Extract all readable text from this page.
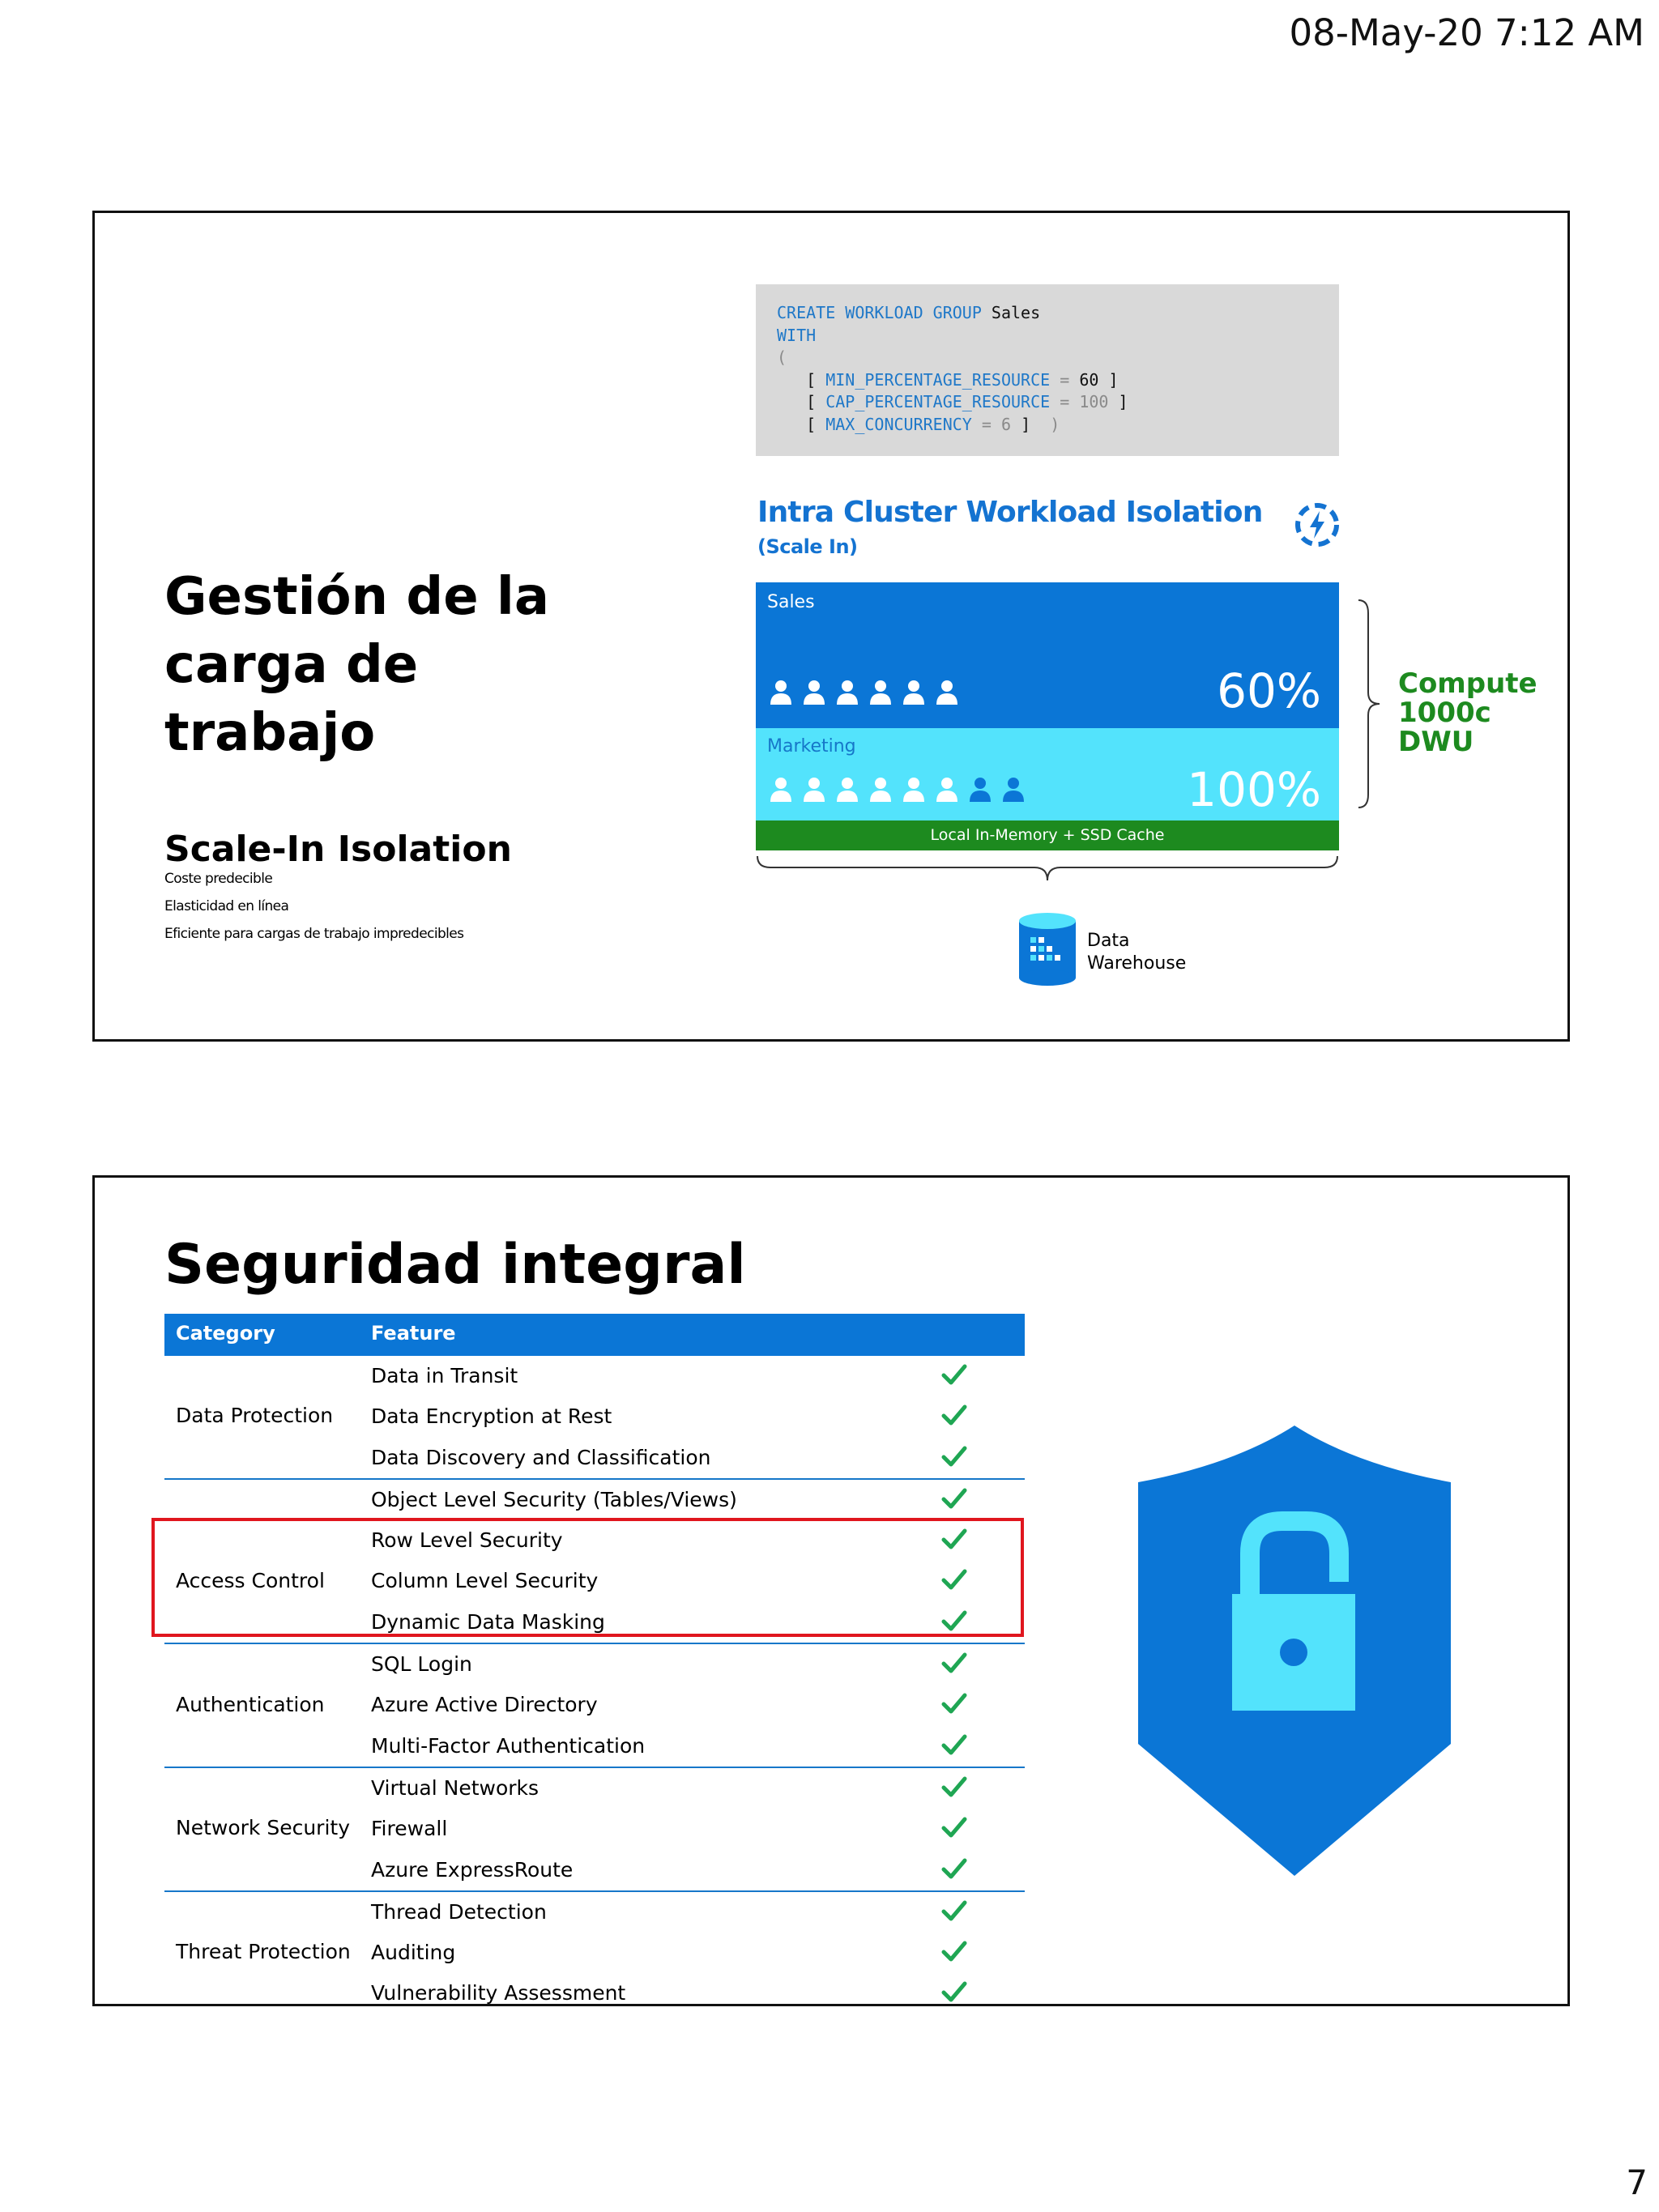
08-May-20 7:12 AM
Gestión de la carga de trabajo
Scale-In Isolation
Coste predecible
Elasticidad en línea
Eficiente para cargas de trabajo impredecibles
CREATE WORKLOAD GROUP Sales
WITH
(
[ MIN_PERCENTAGE_RESOURCE = 60 ]
[ CAP_PERCENTAGE_RESOURCE = 100 ]
[ MAX_CONCURRENCY = 6 ] )
Intra Cluster Workload Isolation
(Scale In)
Sales
60%
Marketing
100%
Local In-Memory + SSD Cache
Compute
1000c DWU
Data
Warehouse
Seguridad integral
Category	Feature
Data in Transit
Data Encryption at Rest
Data Discovery and Classification
Data Protection
Object Level Security (Tables/Views)
Row Level Security
Column Level Security
Dynamic Data Masking
Access Control
SQL Login
Azure Active Directory
Multi-Factor Authentication
Authentication
Virtual Networks
Firewall
Azure ExpressRoute
Network Security
Thread Detection
Auditing
Vulnerability Assessment
Threat Protection
7
